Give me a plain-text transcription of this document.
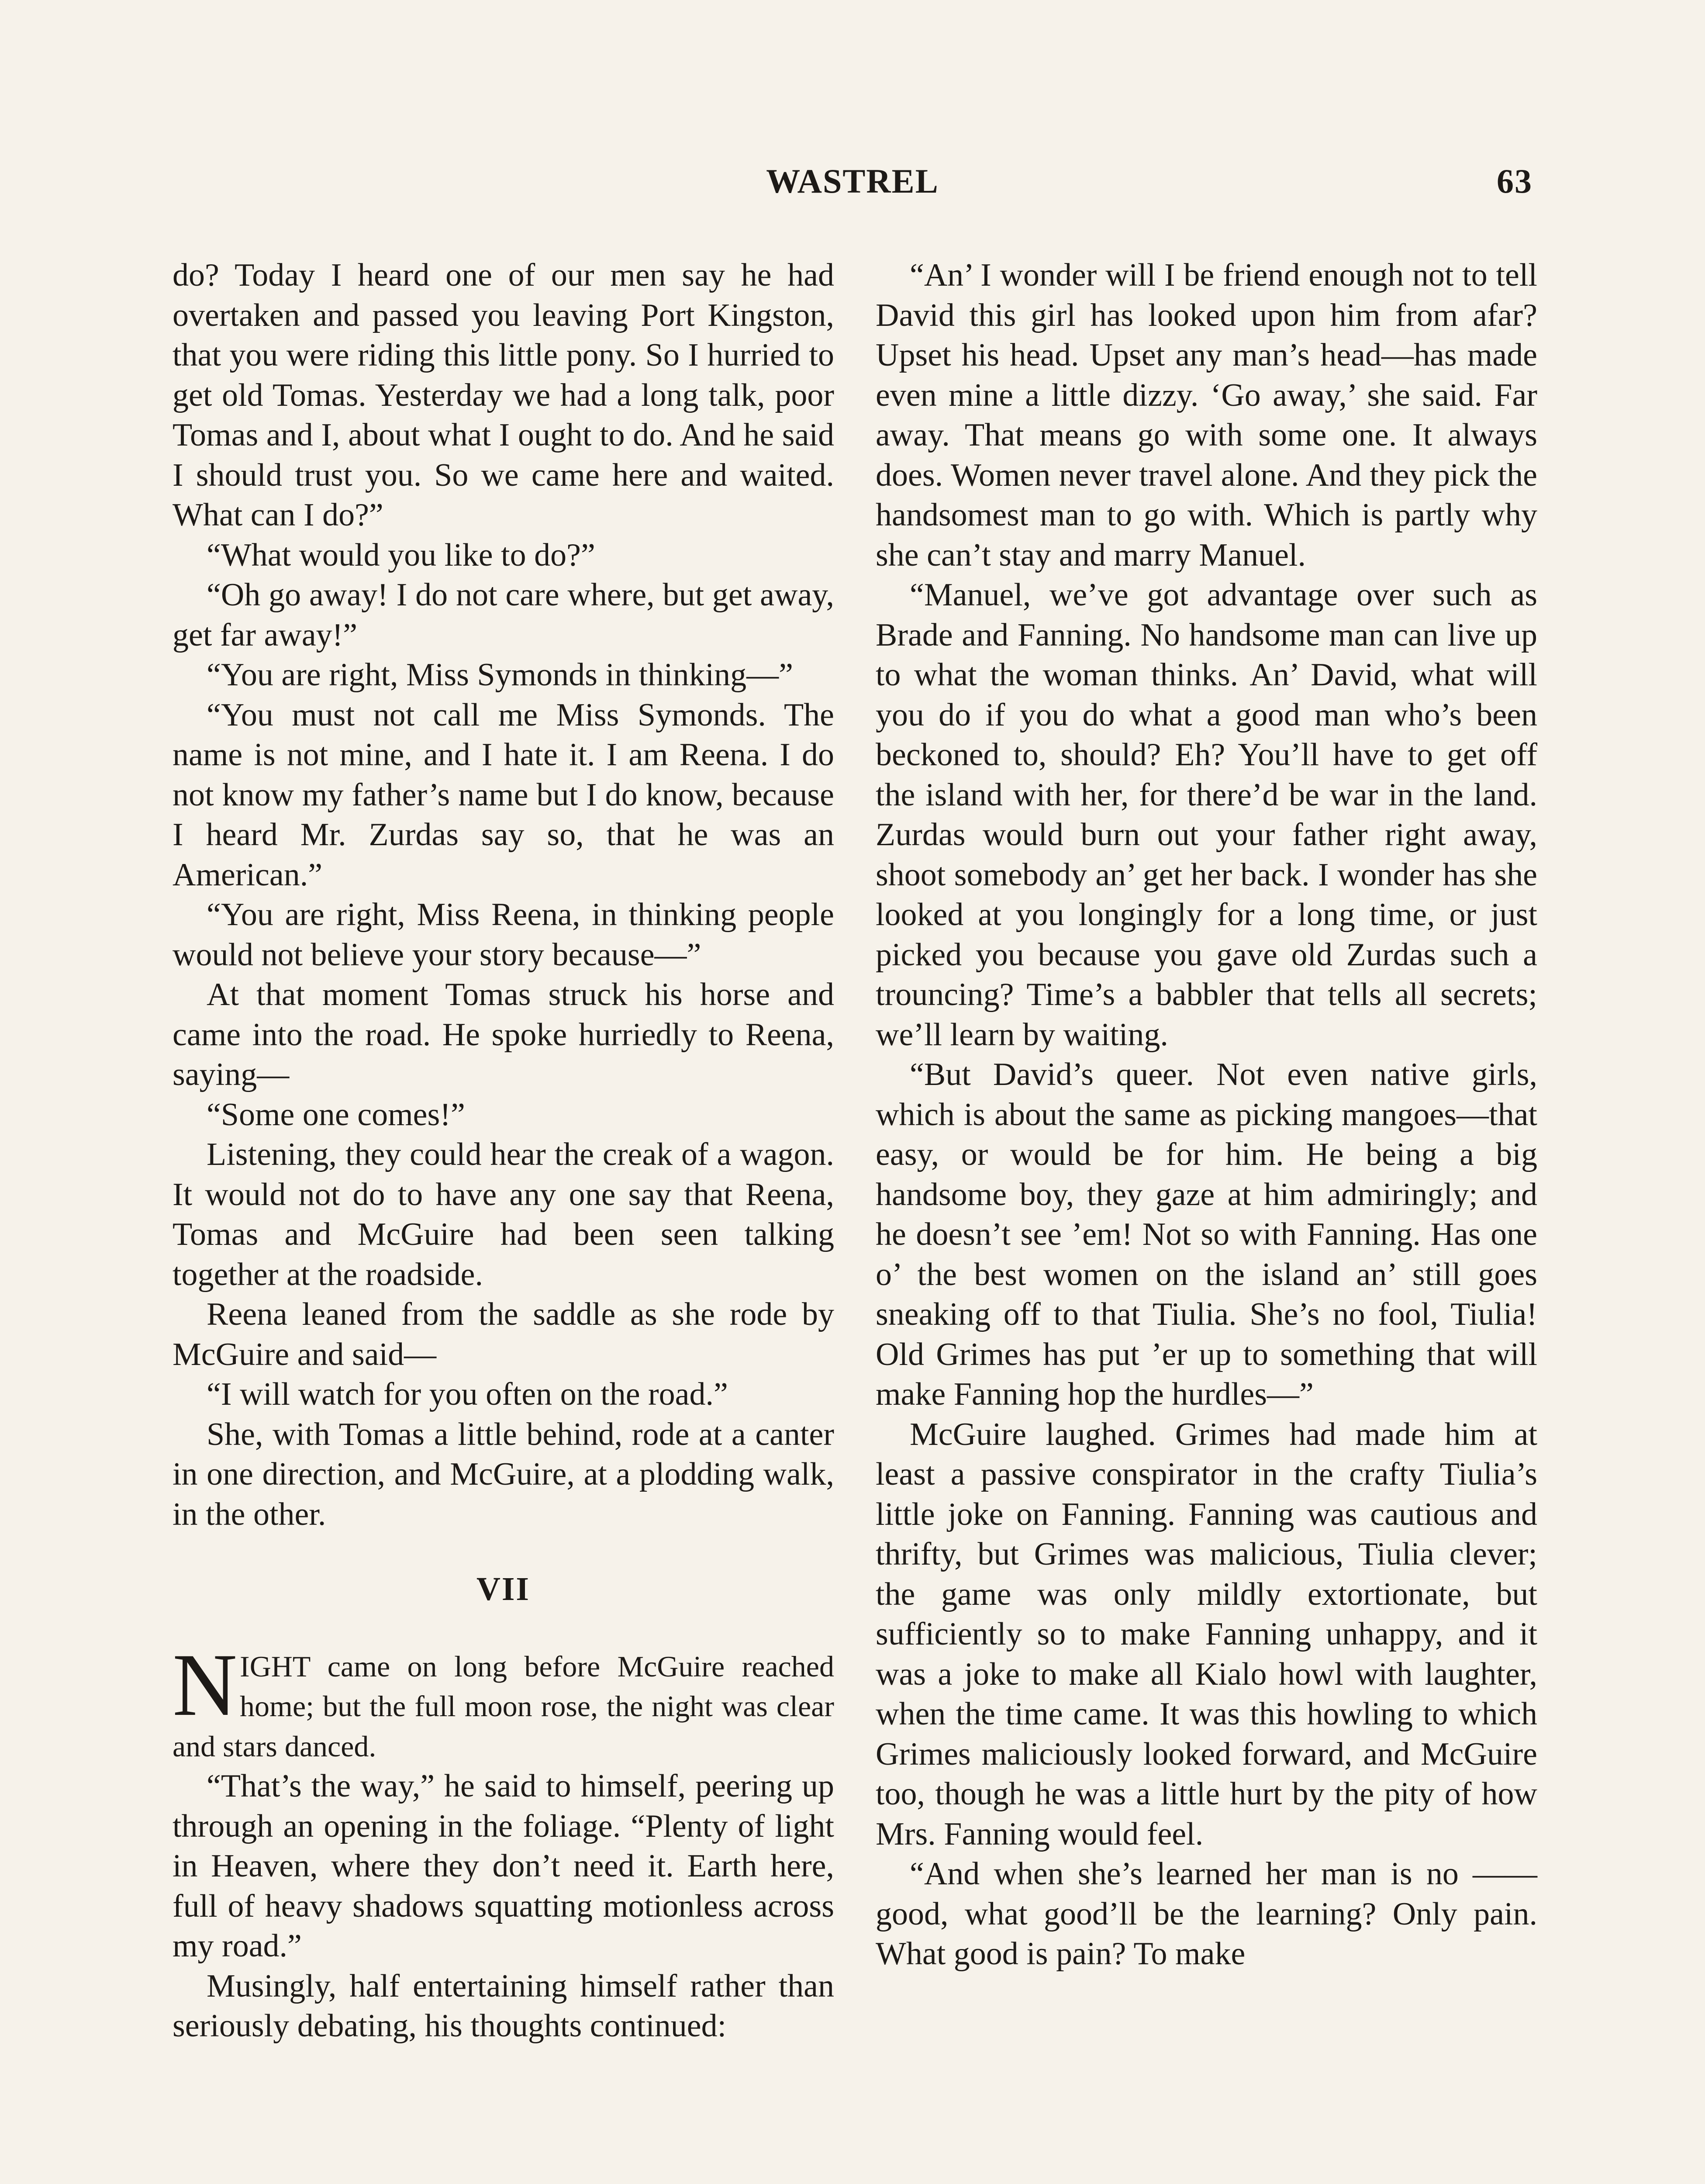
WASTREL	63

do? Today I heard one of our men say he had overtaken and passed you leaving Port Kingston, that you were riding this little pony. So I hurried to get old Tomas. Yesterday we had a long talk, poor Tomas and I, about what I ought to do. And he said I should trust you. So we came here and waited. What can I do?”

“What would you like to do?”

“Oh go away! I do not care where, but get away, get far away!”

“You are right, Miss Symonds in thinking—”

“You must not call me Miss Symonds. The name is not mine, and I hate it. I am Reena. I do not know my father’s name but I do know, because I heard Mr. Zurdas say so, that he was an American.”

“You are right, Miss Reena, in thinking people would not believe your story because—”

At that moment Tomas struck his horse and came into the road. He spoke hurriedly to Reena, saying—

“Some one comes!”

Listening, they could hear the creak of a wagon. It would not do to have any one say that Reena, Tomas and McGuire had been seen talking together at the roadside.

Reena leaned from the saddle as she rode by McGuire and said—

“I will watch for you often on the road.”

She, with Tomas a little behind, rode at a canter in one direction, and McGuire, at a plodding walk, in the other.

VII

NIGHT came on long before McGuire reached home; but the full moon rose, the night was clear and stars danced.

“That’s the way,” he said to himself, peering up through an opening in the foliage. “Plenty of light in Heaven, where they don’t need it. Earth here, full of heavy shadows squatting motionless across my road.”

Musingly, half entertaining himself rather than seriously debating, his thoughts continued:

“An’ I wonder will I be friend enough not to tell David this girl has looked upon him from afar? Upset his head. Upset any man’s head—has made even mine a little dizzy. ‘Go away,’ she said. Far away. That means go with some one. It always does. Women never travel alone. And they pick the handsomest man to go with. Which is partly why she can’t stay and marry Manuel.

“Manuel, we’ve got advantage over such as Brade and Fanning. No handsome man can live up to what the woman thinks. An’ David, what will you do if you do what a good man who’s been beckoned to, should? Eh? You’ll have to get off the island with her, for there’d be war in the land. Zurdas would burn out your father right away, shoot somebody an’ get her back. I wonder has she looked at you longingly for a long time, or just picked you because you gave old Zurdas such a trouncing? Time’s a babbler that tells all secrets; we’ll learn by waiting.

“But David’s queer. Not even native girls, which is about the same as picking mangoes—that easy, or would be for him. He being a big handsome boy, they gaze at him admiringly; and he doesn’t see ’em! Not so with Fanning. Has one o’ the best women on the island an’ still goes sneaking off to that Tiulia. She’s no fool, Tiulia! Old Grimes has put ’er up to something that will make Fanning hop the hurdles—”

McGuire laughed. Grimes had made him at least a passive conspirator in the crafty Tiulia’s little joke on Fanning. Fanning was cautious and thrifty, but Grimes was malicious, Tiulia clever; the game was only mildly extortionate, but sufficiently so to make Fanning unhappy, and it was a joke to make all Kialo howl with laughter, when the time came. It was this howling to which Grimes maliciously looked forward, and McGuire too, though he was a little hurt by the pity of how Mrs. Fanning would feel.

“And when she’s learned her man is no —— good, what good’ll be the learning? Only pain. What good is pain? To make
